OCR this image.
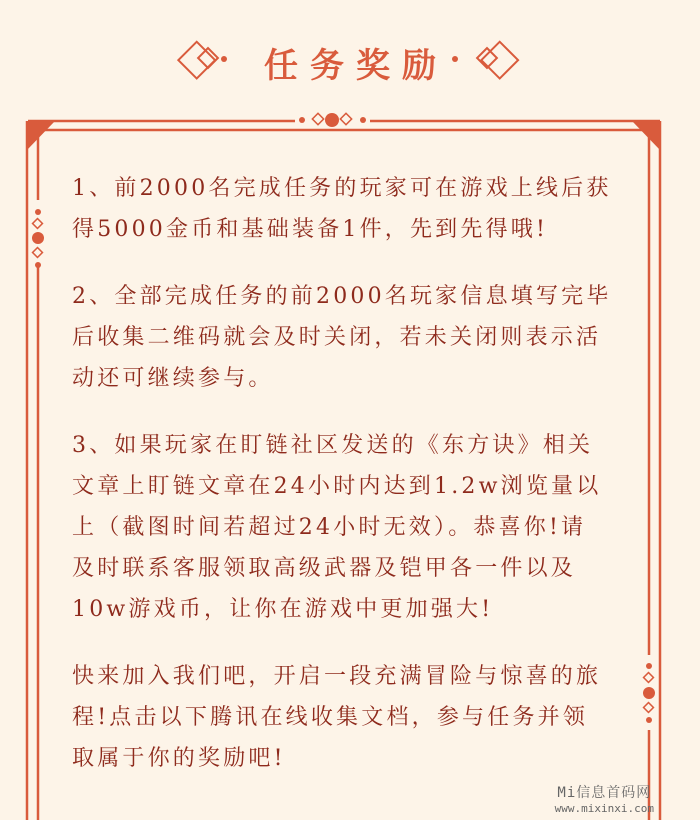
任务奖励
1、前2000名完成任务的玩家可在游戏上线后获
得5000金币和基础装备1件，先到先得哦!
2、全部完成任务的前2000名玩家信息填写完毕
后收集二维码就会及时关闭，若未关闭则表示活
动还可继续参与。
3、如果玩家在盯链社区发送的《东方诀》相关
文章上盯链文章在24小时内达到1.2w浏览量以
上（截图时间若超过24小时无效）。恭喜你!请
及时联系客服领取高级武器及铠甲各一件以及
10w游戏币，让你在游戏中更加强大!
快来加入我们吧，开启一段充满冒险与惊喜的旅
程!点击以下腾讯在线收集文档，参与任务并领
取属于你的奖励吧!
Mi信息首码网
www.mixinxi.com
